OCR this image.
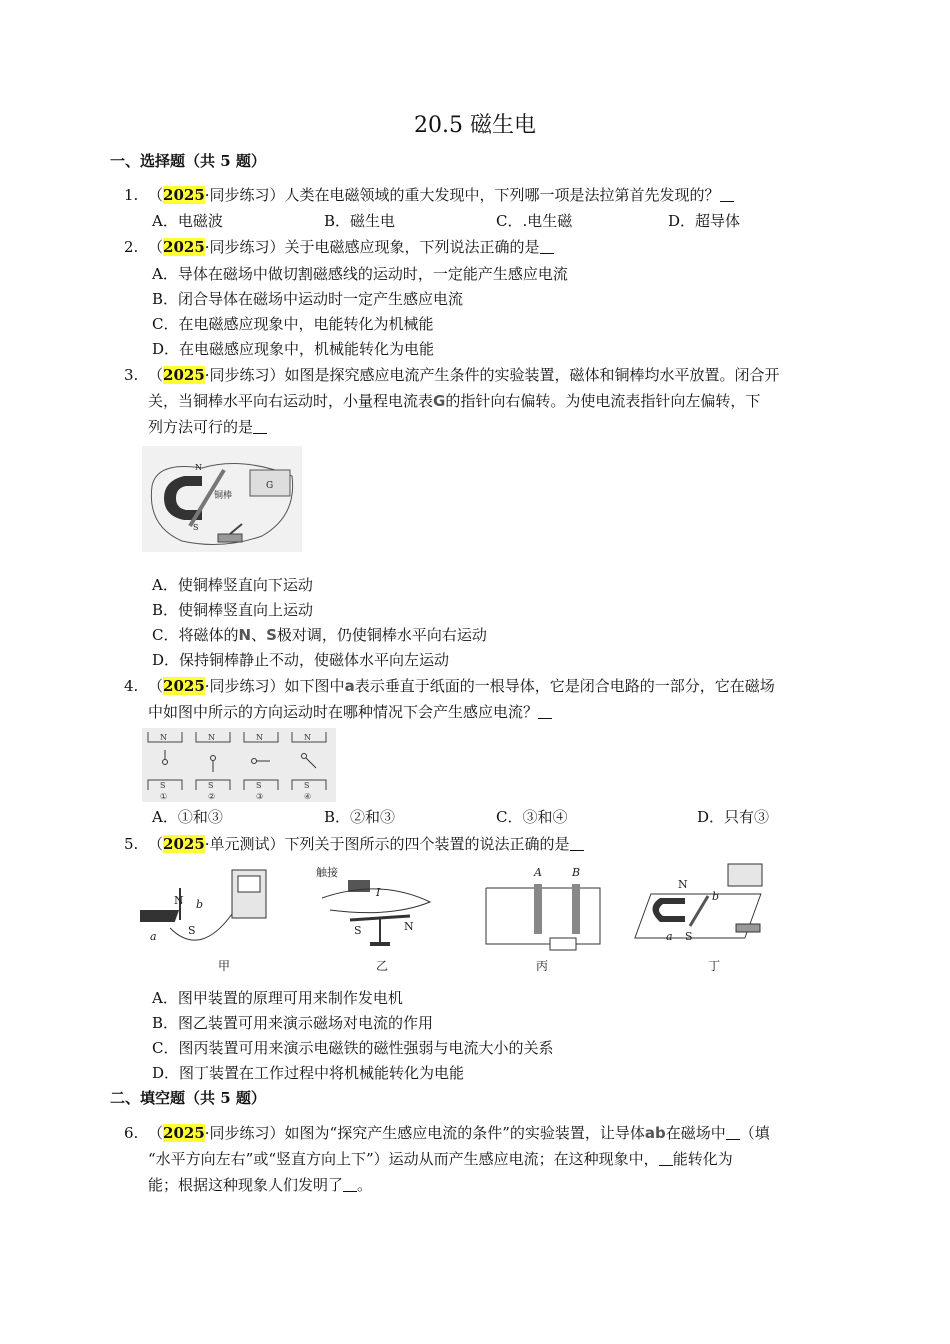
20.5 磁生电
一、选择题（共 5 题）
1. （2025·同步练习）人类在电磁领域的重大发现中，下列哪一项是法拉第首先发现的？
A．电磁波	B．磁生电	C．.电生磁	D．超导体
2. （2025·同步练习）关于电磁感应现象，下列说法正确的是
A．导体在磁场中做切割磁感线的运动时，一定能产生感应电流
B．闭合导体在磁场中运动时一定产生感应电流
C．在电磁感应现象中，电能转化为机械能
D．在电磁感应现象中，机械能转化为电能
3. （2025·同步练习）如图是探究感应电流产生条件的实验装置，磁体和铜棒均水平放置。闭合开
关，当铜棒水平向右运动时，小量程电流表G的指针向右偏转。为使电流表指针向左偏转，下
列方法可行的是
N
S
铜棒
G
A．使铜棒竖直向下运动
B．使铜棒竖直向上运动
C．将磁体的N、S极对调，仍使铜棒水平向右运动
D．保持铜棒静止不动，使磁体水平向左运动
4. （2025·同步练习）如下图中a表示垂直于纸面的一根导体，它是闭合电路的一部分，它在磁场
中如图中所示的方向运动时在哪种情况下会产生感应电流？
N
S
①
N
S
②
N
S
③
N
S
④
A．①和③	B．②和③	C．③和④	D．只有③
5. （2025·单元测试）下列关于图所示的四个装置的说法正确的是
N
S
a
b
甲
触接
S	N
I
乙
A	B
丙
N
S
a
b
丁
A．图甲装置的原理可用来制作发电机
B．图乙装置可用来演示磁场对电流的作用
C．图丙装置可用来演示电磁铁的磁性强弱与电流大小的关系
D．图丁装置在工作过程中将机械能转化为电能
二、填空题（共 5 题）
6. （2025·同步练习）如图为“探究产生感应电流的条件”的实验装置，让导体ab在磁场中 （填
“水平方向左右”或“竖直方向上下”）运动从而产生感应电流；在这种现象中， 能转化为
能；根据这种现象人们发明了 。
